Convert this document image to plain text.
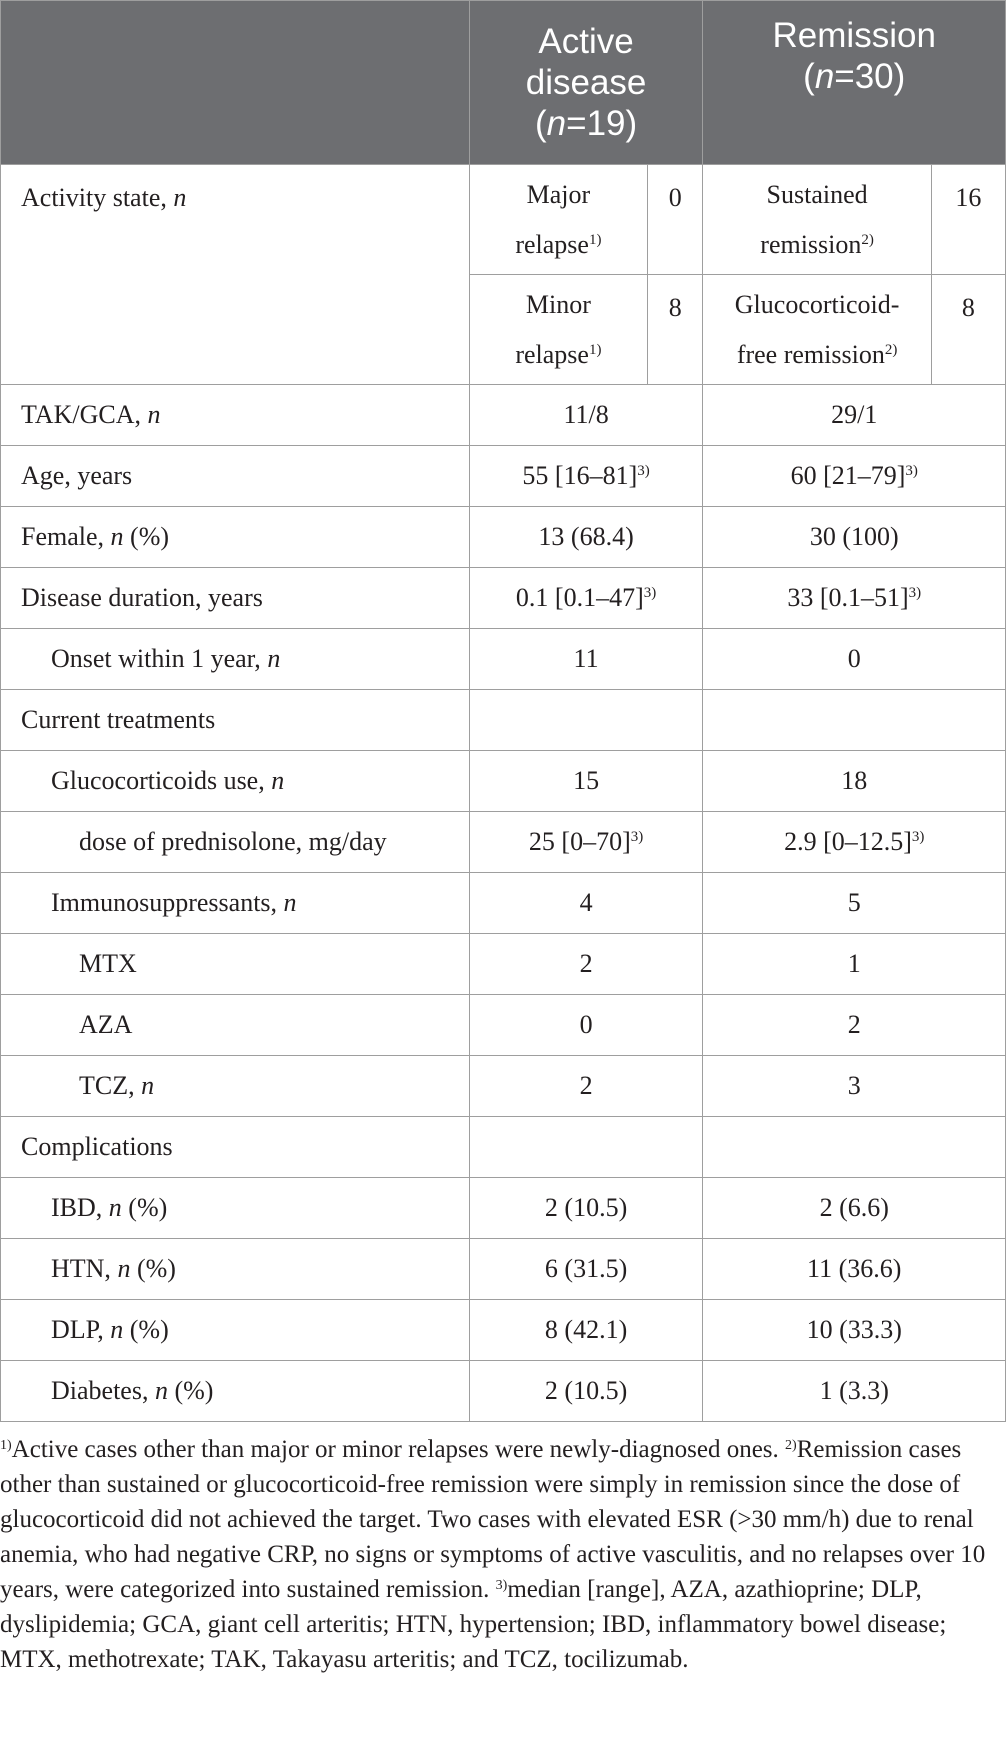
	Active
disease
(n=19)		Remission
(n=30)	

Activity state, n	Major
relapse$^{1)}$	0	Sustained
remission$^{2)}$	16
	Minor
relapse$^{1)}$	8	Glucocorticoid-
free remission$^{2)}$	8
TAK/GCA, n	11/8		29/1	
Age, years	55 $[16-81]^{3)}$		60 $[21-79]^{3)}$
Female, n (%)	13 (68.4)		30 (100)	
Disease duration, years	0.1 $[0.1-47]^{3)}$		33 $[0.1-51]^{3)}$
Onset within 1 year, n	11		0	
Current treatments				
Glucocorticoids use, n	15		18	
dose of prednisolone, mg/day	25 $[0-70]^{3)}$		2.9 $[0-12.5]^{3)}$
Immunosuppressants, n	4		5	
MTX	2		1	
AZA	0		2	
TCZ, n	2		3	
Complications				
IBD, n (%)	2 (10.5)		2 (6.6)	
HTN, n (%)	6 (31.5)		11 (36.6)	
DLP, n (%)	8 (42.1)		10 (33.3)	
Diabetes, n (%)	2 (10.5)		1 (3.3)	
$^{1)}$Active cases other than major or minor relapses were newly-diagnosed ones. $^{2)}$Remission cases other than sustained or glucocorticoid-free remission were simply in remission since the dose of glucocorticoid did not achieved the target. Two cases with elevated ESR (>30 mm/h) due to renal anemia, who had negative CRP, no signs or symptoms of active vasculitis, and no relapses over 10 years, were categorized into sustained remission. $^{3)}$median [range], AZA, azathioprine; DLP, dyslipidemia; GCA, giant cell arteritis; HTN, hypertension; IBD, inflammatory bowel disease; MTX, methotrexate; TAK, Takayasu arteritis; and TCZ, tocilizumab.
